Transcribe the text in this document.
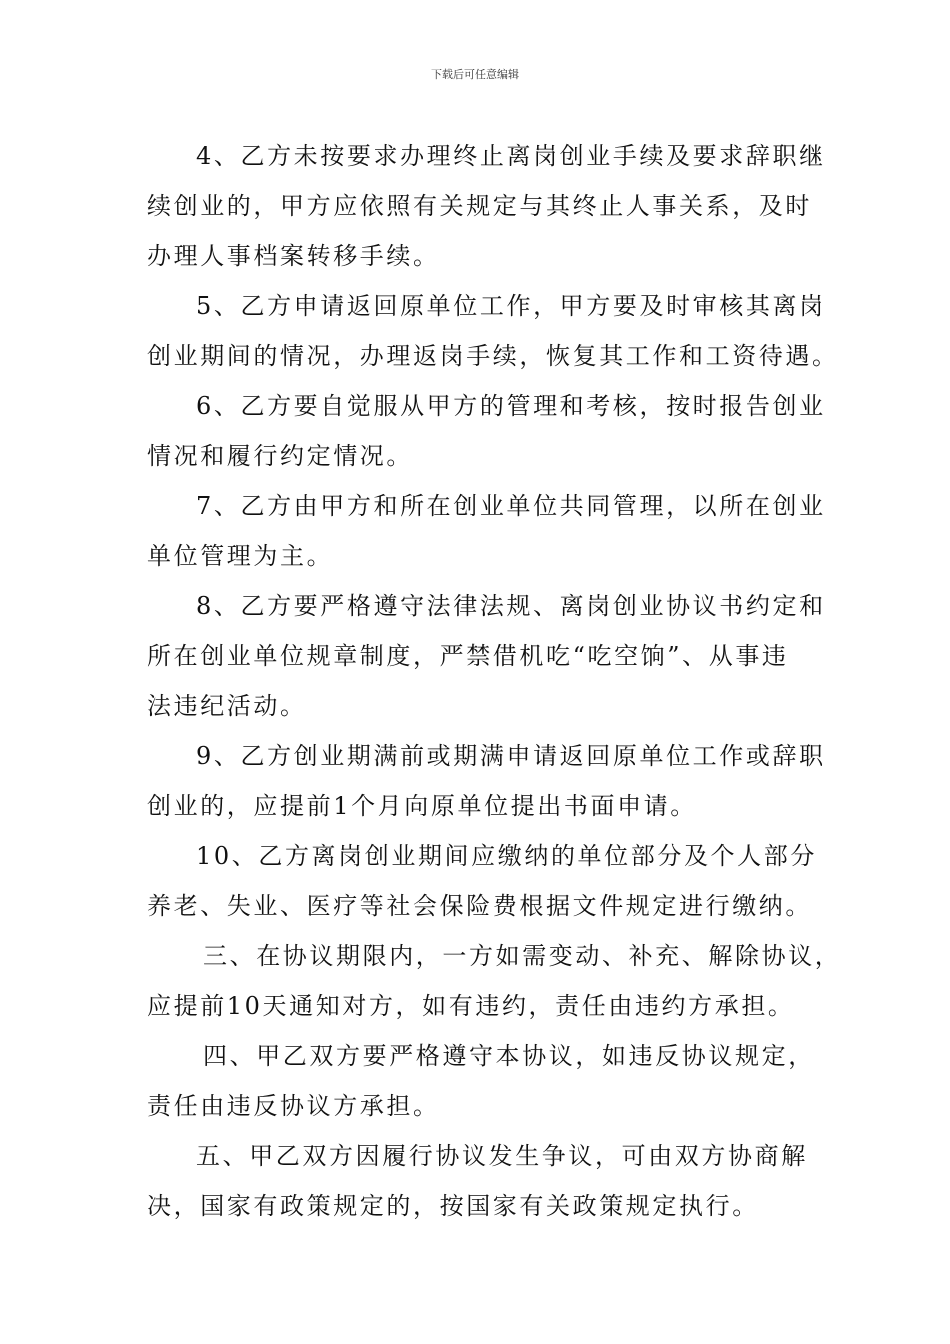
下载后可任意编辑

4、乙方未按要求办理终止离岗创业手续及要求辞职继
续创业的，甲方应依照有关规定与其终止人事关系，及时
办理人事档案转移手续。

5、乙方申请返回原单位工作，甲方要及时审核其离岗
创业期间的情况，办理返岗手续，恢复其工作和工资待遇。

6、乙方要自觉服从甲方的管理和考核，按时报告创业
情况和履行约定情况。

7、乙方由甲方和所在创业单位共同管理，以所在创业
单位管理为主。

8、乙方要严格遵守法律法规、离岗创业协议书约定和
所在创业单位规章制度，严禁借机吃“吃空饷”、从事违
法违纪活动。

9、乙方创业期满前或期满申请返回原单位工作或辞职
创业的，应提前1个月向原单位提出书面申请。

10、乙方离岗创业期间应缴纳的单位部分及个人部分
养老、失业、医疗等社会保险费根据文件规定进行缴纳。

三、在协议期限内，一方如需变动、补充、解除协议，
应提前10天通知对方，如有违约，责任由违约方承担。

四、甲乙双方要严格遵守本协议，如违反协议规定，
责任由违反协议方承担。

五、甲乙双方因履行协议发生争议，可由双方协商解
决，国家有政策规定的，按国家有关政策规定执行。
